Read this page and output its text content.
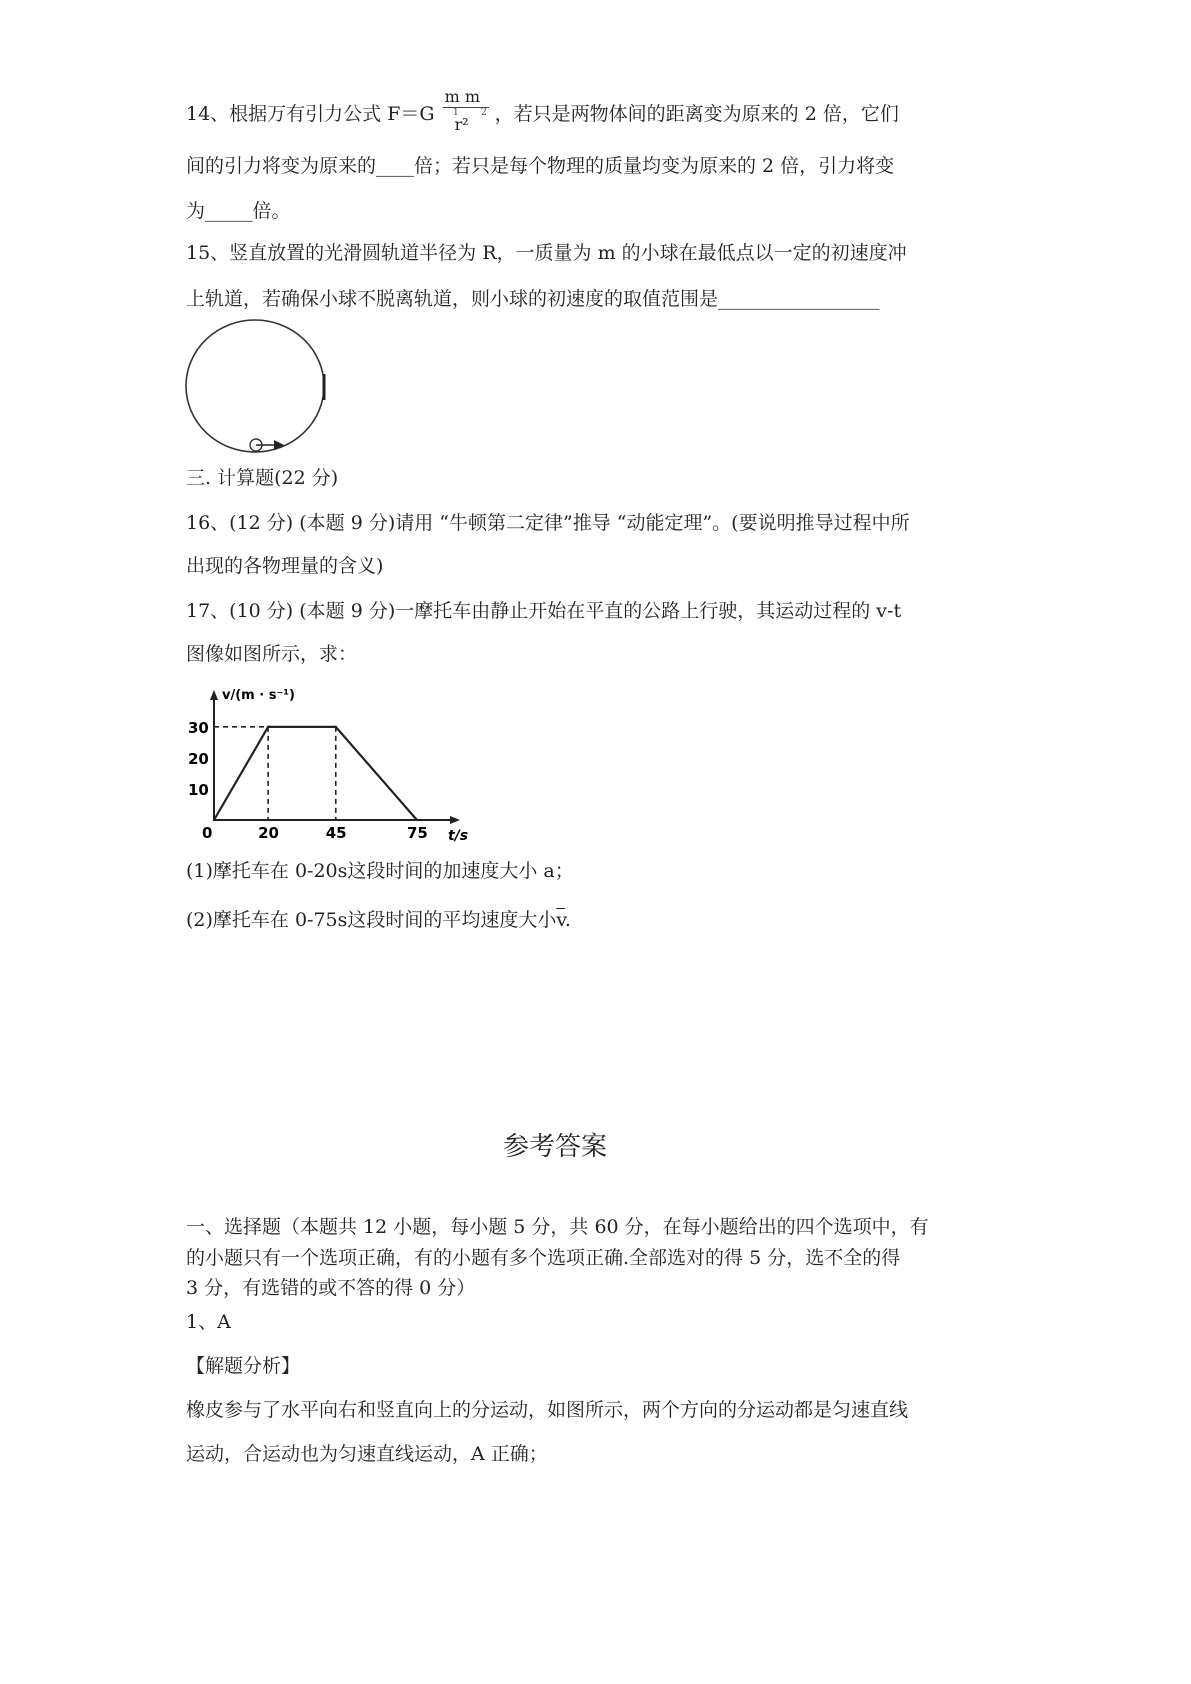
14、根据万有引力公式 F＝G
m m
1 2
r² ，若只是两物体间的距离变为原来的 2 倍，它们
间的引力将变为原来的____倍；若只是每个物理的质量均变为原来的 2 倍，引力将变
为_____倍。
15、竖直放置的光滑圆轨道半径为 R，一质量为 m 的小球在最低点以一定的初速度冲
上轨道，若确保小球不脱离轨道，则小球的初速度的取值范围是_________________
三. 计算题(22 分)
16、(12 分) (本题 9 分)请用 “牛顿第二定律”推导 “动能定理”。(要说明推导过程中所
出现的各物理量的含义)
17、(10 分) (本题 9 分)一摩托车由静止开始在平直的公路上行驶，其运动过程的 v-t
图像如图所示，求：
0	20	45	75
10
20
30
v/(m · s⁻¹)
t/s
(1)摩托车在 0-20s这段时间的加速度大小 a；
(2)摩托车在 0-75s这段时间的平均速度大小$\overline{v}$.
参考答案
一、选择题（本题共 12 小题，每小题 5 分，共 60 分，在每小题给出的四个选项中，有
的小题只有一个选项正确，有的小题有多个选项正确.全部选对的得 5 分，选不全的得
3 分，有选错的或不答的得 0 分）
1、A
【解题分析】
橡皮参与了水平向右和竖直向上的分运动，如图所示，两个方向的分运动都是匀速直线
运动，合运动也为匀速直线运动，A 正确；
